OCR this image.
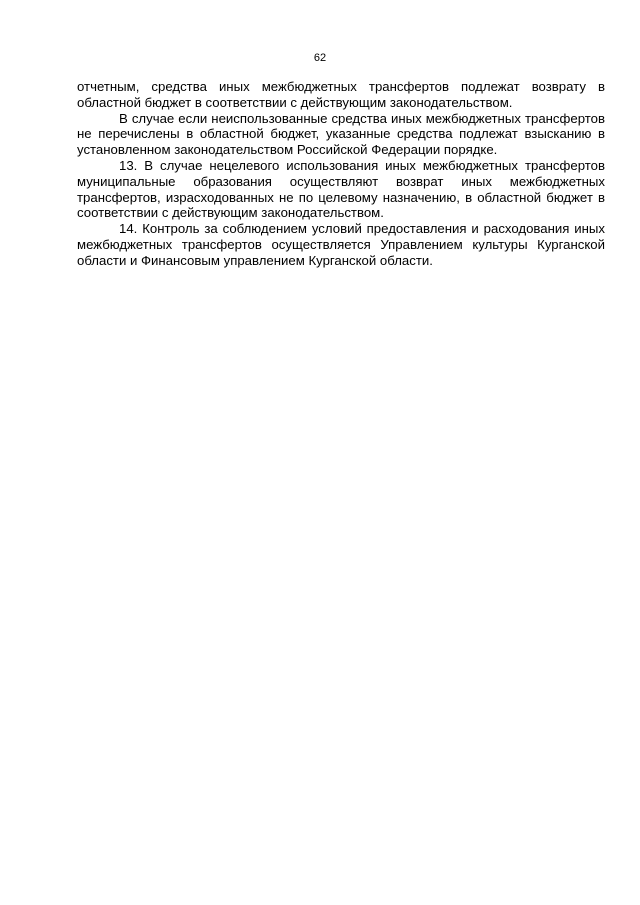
62

отчетным, средства иных межбюджетных трансфертов подлежат возврату в областной бюджет в соответствии с действующим законодательством.

В случае если неиспользованные средства иных межбюджетных трансфертов не перечислены в областной бюджет, указанные средства подлежат взысканию в установленном законодательством Российской Федерации порядке.

13. В случае нецелевого использования иных межбюджетных трансфертов муниципальные образования осуществляют возврат иных межбюджетных трансфертов, израсходованных не по целевому назначению, в областной бюджет в соответствии с действующим законодательством.

14. Контроль за соблюдением условий предоставления и расходования иных межбюджетных трансфертов осуществляется Управлением культуры Курганской области и Финансовым управлением Курганской области.
